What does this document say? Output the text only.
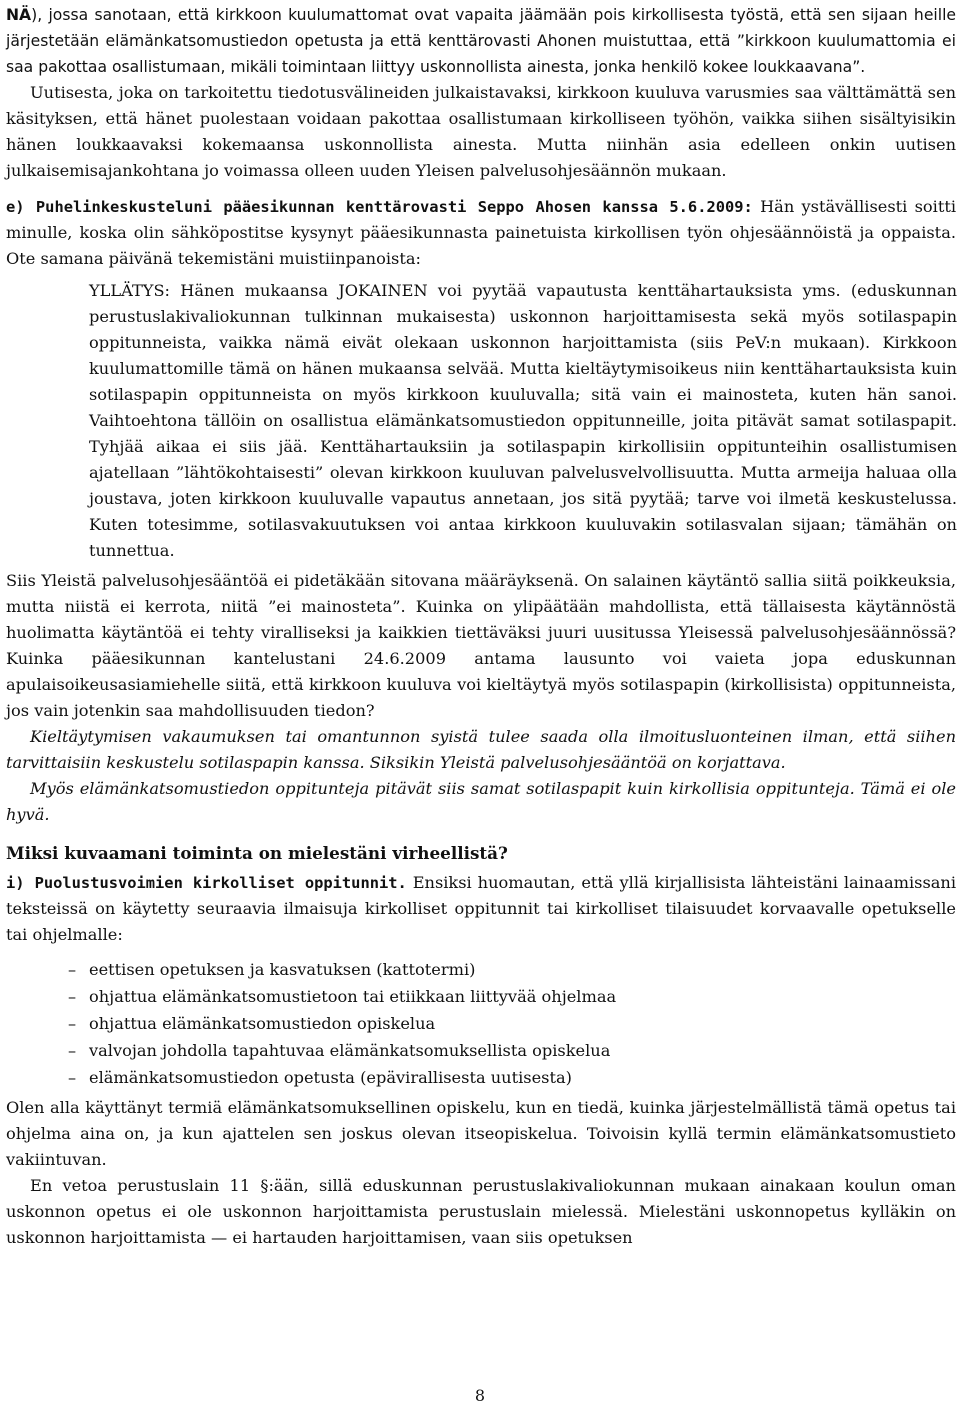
NÄ), jossa sanotaan, että kirkkoon kuulumattomat ovat vapaita jäämään pois kirkollisesta työstä, että sen sijaan heille järjestetään elämänkatsomustiedon opetusta ja että kenttärovasti Ahonen muistuttaa, että ”kirkkoon kuulumattomia ei saa pakottaa osallistumaan, mikäli toimintaan liittyy uskonnollista ainesta, jonka henkilö kokee loukkaavana”.

Uutisesta, joka on tarkoitettu tiedotusvälineiden julkaistavaksi, kirkkoon kuuluva varusmies saa välttämättä sen käsityksen, että hänet puolestaan voidaan pakottaa osallistumaan kirkolliseen työhön, vaikka siihen sisältyisikin hänen loukkaavaksi kokemaansa uskonnollista ainesta. Mutta niinhän asia edelleen onkin uutisen julkaisemisajankohtana jo voimassa olleen uuden Yleisen palvelusohjesäännön mukaan.

e) Puhelinkeskusteluni pääesikunnan kenttärovasti Seppo Ahosen kanssa 5.6.2009: Hän ystävällisesti soitti minulle, koska olin sähköpostitse kysynyt pääesikunnasta painetuista kirkollisen työn ohjesäännöistä ja oppaista. Ote samana päivänä tekemistäni muistiinpanoista:

YLLÄTYS: Hänen mukaansa JOKAINEN voi pyytää vapautusta kenttähartauksista yms. (eduskunnan perustuslakivaliokunnan tulkinnan mukaisesta) uskonnon harjoittamisesta sekä myös sotilaspapin oppitunneista, vaikka nämä eivät olekaan uskonnon harjoittamista (siis PeV:n mukaan). Kirkkoon kuulumattomille tämä on hänen mukaansa selvää. Mutta kieltäytymisoikeus niin kenttähartauksista kuin sotilaspapin oppitunneista on myös kirkkoon kuuluvalla; sitä vain ei mainosteta, kuten hän sanoi. Vaihtoehtona tällöin on osallistua elämänkatsomustiedon oppitunneille, joita pitävät samat sotilaspapit. Tyhjää aikaa ei siis jää. Kenttähartauksiin ja sotilaspapin kirkollisiin oppitunteihin osallistumisen ajatellaan ”lähtökohtaisesti” olevan kirkkoon kuuluvan palvelusvelvollisuutta. Mutta armeija haluaa olla joustava, joten kirkkoon kuuluvalle vapautus annetaan, jos sitä pyytää; tarve voi ilmetä keskustelussa. Kuten totesimme, sotilasvakuutuksen voi antaa kirkkoon kuuluvakin sotilasvalan sijaan; tämähän on tunnettua.

Siis Yleistä palvelusohjesääntöä ei pidetäkään sitovana määräyksenä. On salainen käytäntö sallia siitä poikkeuksia, mutta niistä ei kerrota, niitä ”ei mainosteta”. Kuinka on ylipäätään mahdollista, että tällaisesta käytännöstä huolimatta käytäntöä ei tehty viralliseksi ja kaikkien tiettäväksi juuri uusitussa Yleisessä palvelusohjesäännössä? Kuinka pääesikunnan kantelustani 24.6.2009 antama lausunto voi vaieta jopa eduskunnan apulaisoikeusasiamiehelle siitä, että kirkkoon kuuluva voi kieltäytyä myös sotilaspapin (kirkollisista) oppitunneista, jos vain jotenkin saa mahdollisuuden tiedon?

Kieltäytymisen vakaumuksen tai omantunnon syistä tulee saada olla ilmoitusluonteinen ilman, että siihen tarvittaisiin keskustelu sotilaspapin kanssa. Siksikin Yleistä palvelusohjesääntöä on korjattava.

Myös elämänkatsomustiedon oppitunteja pitävät siis samat sotilaspapit kuin kirkollisia oppitunteja. Tämä ei ole hyvä.

Miksi kuvaamani toiminta on mielestäni virheellistä?

i) Puolustusvoimien kirkolliset oppitunnit. Ensiksi huomautan, että yllä kirjallisista lähteistäni lainaamissani teksteissä on käytetty seuraavia ilmaisuja kirkolliset oppitunnit tai kirkolliset tilaisuudet korvaavalle opetukselle tai ohjelmalle:

– eettisen opetuksen ja kasvatuksen (kattotermi)
– ohjattua elämänkatsomustietoon tai etiikkaan liittyvää ohjelmaa
– ohjattua elämänkatsomustiedon opiskelua
– valvojan johdolla tapahtuvaa elämänkatsomuksellista opiskelua
– elämänkatsomustiedon opetusta (epävirallisesta uutisesta)

Olen alla käyttänyt termiä elämänkatsomuksellinen opiskelu, kun en tiedä, kuinka järjestelmällistä tämä opetus tai ohjelma aina on, ja kun ajattelen sen joskus olevan itseopiskelua. Toivoisin kyllä termin elämänkatsomustieto vakiintuvan.

En vetoa perustuslain 11 §:ään, sillä eduskunnan perustuslakivaliokunnan mukaan ainakaan koulun oman uskonnon opetus ei ole uskonnon harjoittamista perustuslain mielessä. Mielestäni uskonnopetus kylläkin on uskonnon harjoittamista — ei hartauden harjoittamisen, vaan siis opetuksen

8
